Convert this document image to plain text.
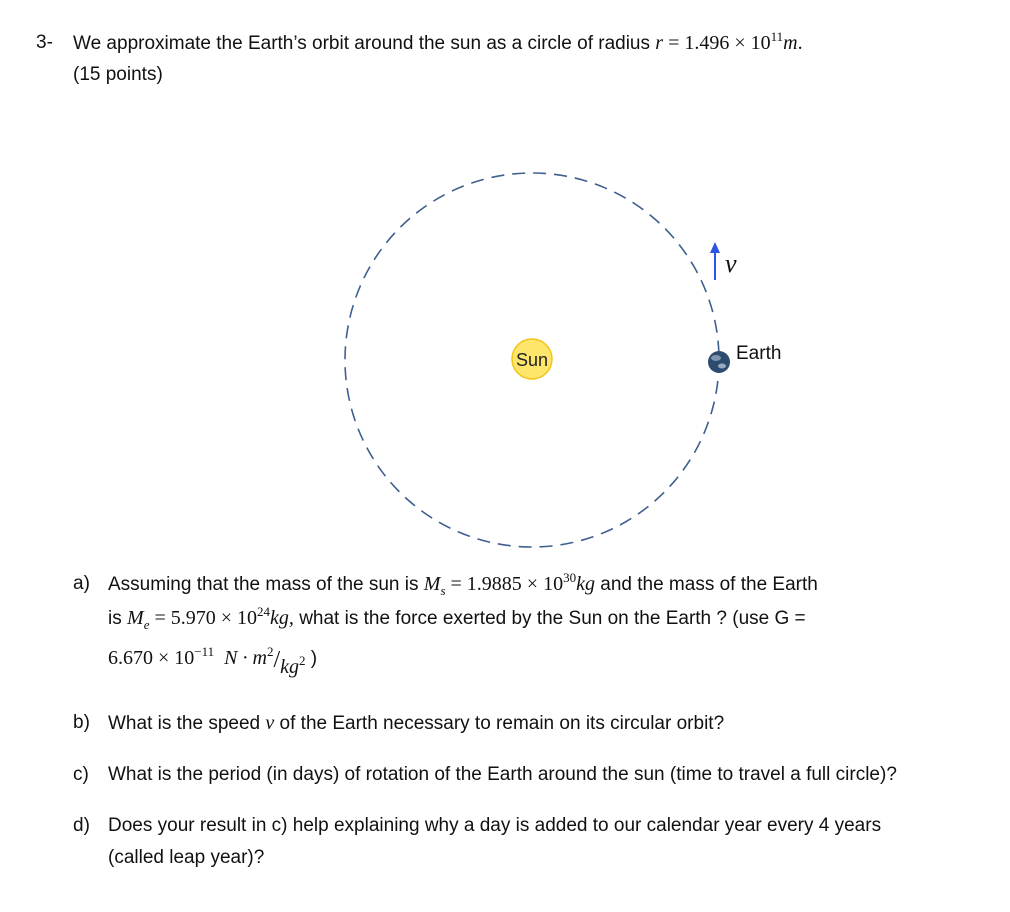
3- We approximate the Earth’s orbit around the sun as a circle of radius $r = 1.496 \times 10^{11}m$.
(15 points)
Sun	Earth
v
a) Assuming that the mass of the sun is $M_s = 1.9885 \times 10^{30}kg$ and the mass of the Earth
is $M_e = 5.970 \times 10^{24}kg$, what is the force exerted by the Sun on the Earth ? (use G =
$6.670 \times 10^{-11}$ $N \cdot m^2/kg^2$ )
b) What is the speed v of the Earth necessary to remain on its circular orbit?
c) What is the period (in days) of rotation of the Earth around the sun (time to travel a full circle)?
d) Does your result in c) help explaining why a day is added to our calendar year every 4 years
(called leap year)?
